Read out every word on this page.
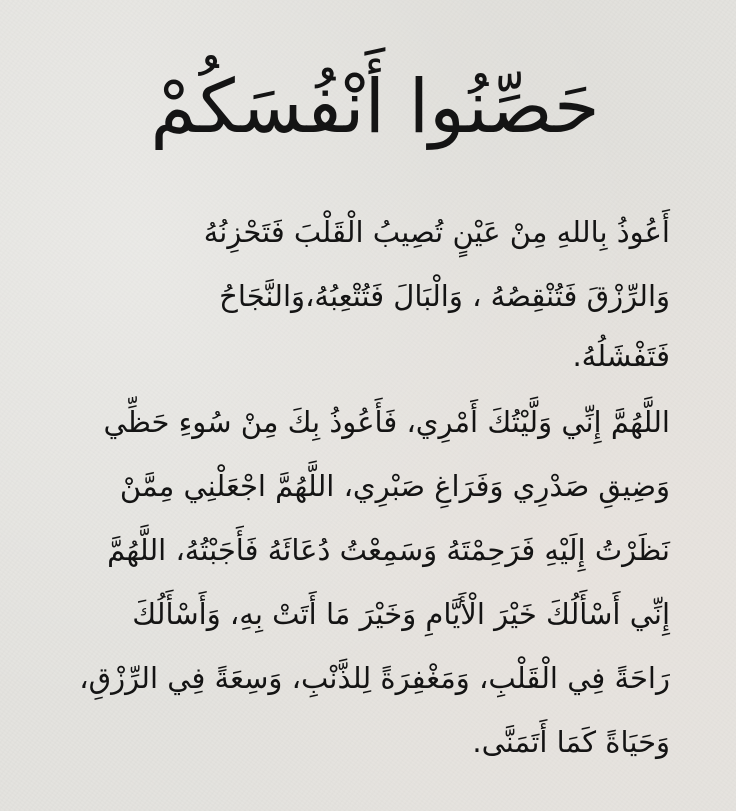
حَصِّنُوا أَنْفُسَكُمْ
أَعُوذُ بِاللهِ مِنْ عَيْنٍ تُصِيبُ الْقَلْبَ فَتَحْزِنُهُ
وَالرِّزْقَ فَتُنْقِصُهُ ، وَالْبَالَ فَتُتْعِبُهُ،وَالنَّجَاحُ
فَتَفْشَلُهُ.
اللَّهُمَّ إِنِّي وَلَّيْتُكَ أَمْرِي، فَأَعُوذُ بِكَ مِنْ سُوءِ حَظِّي
وَضِيقِ صَدْرِي وَفَرَاغِ صَبْرِي، اللَّهُمَّ اجْعَلْنِي مِمَّنْ
نَظَرْتُ إِلَيْهِ فَرَحِمْتَهُ وَسَمِعْتُ دُعَائَهُ فَأَجَبْتُهُ، اللَّهُمَّ
إِنِّي أَسْأَلُكَ خَيْرَ الْأَيَّامِ وَخَيْرَ مَا أَتَتْ بِهِ، وَأَسْأَلُكَ
رَاحَةً فِي الْقَلْبِ، وَمَغْفِرَةً لِلذَّنْبِ، وَسِعَةً فِي الرِّزْقِ،
وَحَيَاةً كَمَا أَتَمَنَّى.
